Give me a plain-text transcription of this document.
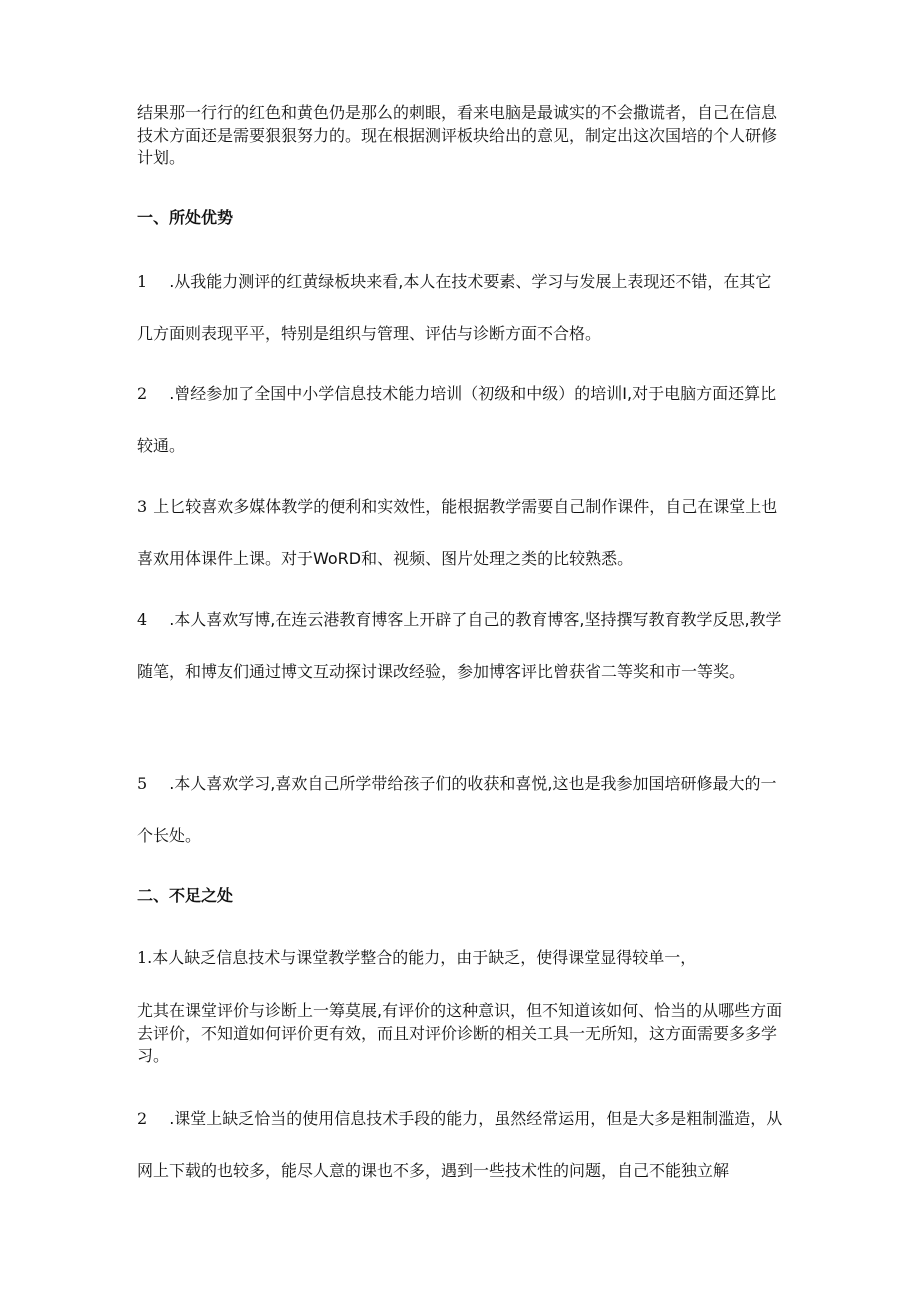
结果那一行行的红色和黄色仍是那么的刺眼，看来电脑是最诚实的不会撒谎者，自己在信息技术方面还是需要狠狠努力的。现在根据测评板块给出的意见，制定出这次国培的个人研修计划。

一、所处优势

1 .从我能力测评的红黄绿板块来看,本人在技术要素、学习与发展上表现还不错，在其它几方面则表现平平，特别是组织与管理、评估与诊断方面不合格。

2 .曾经参加了全国中小学信息技术能力培训（初级和中级）的培训Ⅰ,对于电脑方面还算比较通。

3 上匕较喜欢多媒体教学的便利和实效性，能根据教学需要自己制作课件，自己在课堂上也喜欢用体课件上课。对于WoRD和、视频、图片处理之类的比较熟悉。

4 .本人喜欢写博,在连云港教育博客上开辟了自己的教育博客,坚持撰写教育教学反思,教学随笔，和博友们通过博文互动探讨课改经验，参加博客评比曾获省二等奖和市一等奖。

5 .本人喜欢学习,喜欢自己所学带给孩子们的收获和喜悦,这也是我参加国培研修最大的一个长处。

二、不足之处

1.本人缺乏信息技术与课堂教学整合的能力，由于缺乏，使得课堂显得较单一，

尤其在课堂评价与诊断上一筹莫展,有评价的这种意识，但不知道该如何、恰当的从哪些方面去评价，不知道如何评价更有效，而且对评价诊断的相关工具一无所知，这方面需要多多学习。

2 .课堂上缺乏恰当的使用信息技术手段的能力，虽然经常运用，但是大多是粗制滥造，从网上下载的也较多，能尽人意的课也不多，遇到一些技术性的问题，自己不能独立解
